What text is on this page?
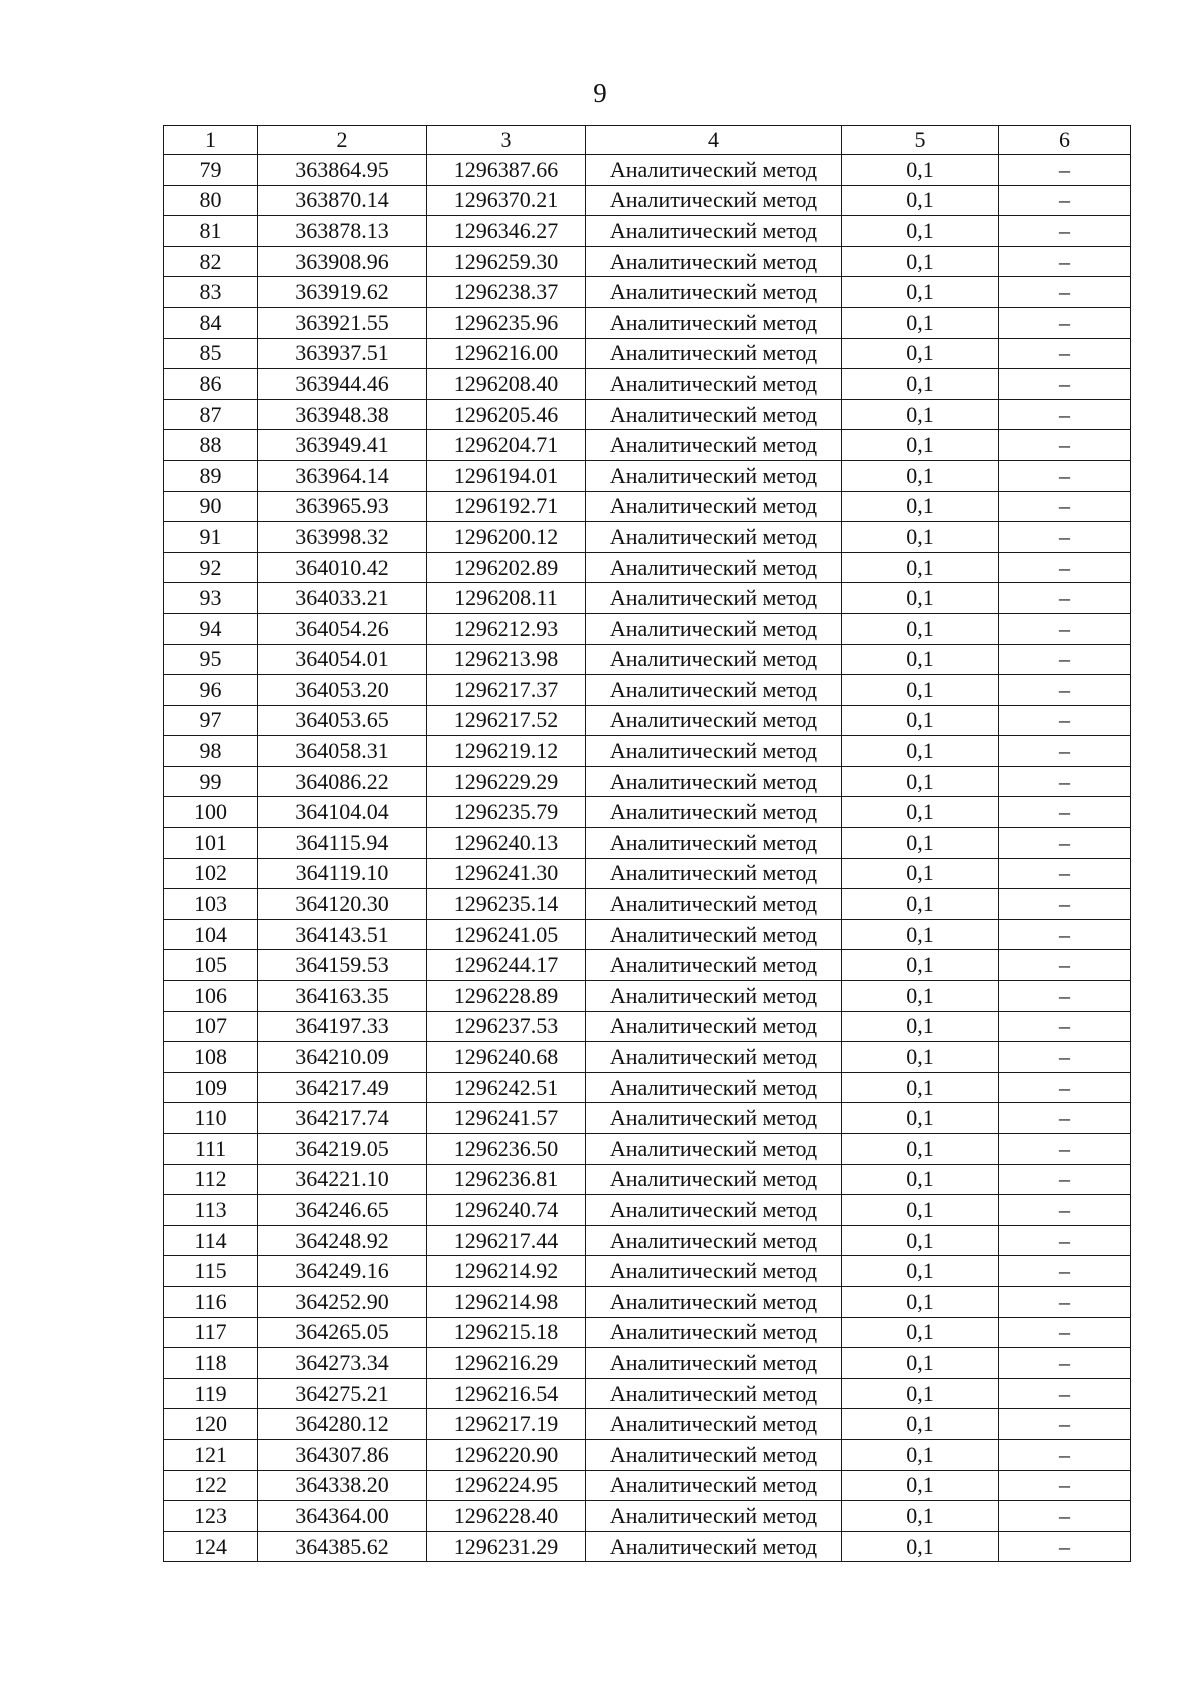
9
1	2	3	4	5	6
79	363864.95	1296387.66	Аналитический метод	0,1	–
80	363870.14	1296370.21	Аналитический метод	0,1	–
81	363878.13	1296346.27	Аналитический метод	0,1	–
82	363908.96	1296259.30	Аналитический метод	0,1	–
83	363919.62	1296238.37	Аналитический метод	0,1	–
84	363921.55	1296235.96	Аналитический метод	0,1	–
85	363937.51	1296216.00	Аналитический метод	0,1	–
86	363944.46	1296208.40	Аналитический метод	0,1	–
87	363948.38	1296205.46	Аналитический метод	0,1	–
88	363949.41	1296204.71	Аналитический метод	0,1	–
89	363964.14	1296194.01	Аналитический метод	0,1	–
90	363965.93	1296192.71	Аналитический метод	0,1	–
91	363998.32	1296200.12	Аналитический метод	0,1	–
92	364010.42	1296202.89	Аналитический метод	0,1	–
93	364033.21	1296208.11	Аналитический метод	0,1	–
94	364054.26	1296212.93	Аналитический метод	0,1	–
95	364054.01	1296213.98	Аналитический метод	0,1	–
96	364053.20	1296217.37	Аналитический метод	0,1	–
97	364053.65	1296217.52	Аналитический метод	0,1	–
98	364058.31	1296219.12	Аналитический метод	0,1	–
99	364086.22	1296229.29	Аналитический метод	0,1	–
100	364104.04	1296235.79	Аналитический метод	0,1	–
101	364115.94	1296240.13	Аналитический метод	0,1	–
102	364119.10	1296241.30	Аналитический метод	0,1	–
103	364120.30	1296235.14	Аналитический метод	0,1	–
104	364143.51	1296241.05	Аналитический метод	0,1	–
105	364159.53	1296244.17	Аналитический метод	0,1	–
106	364163.35	1296228.89	Аналитический метод	0,1	–
107	364197.33	1296237.53	Аналитический метод	0,1	–
108	364210.09	1296240.68	Аналитический метод	0,1	–
109	364217.49	1296242.51	Аналитический метод	0,1	–
110	364217.74	1296241.57	Аналитический метод	0,1	–
111	364219.05	1296236.50	Аналитический метод	0,1	–
112	364221.10	1296236.81	Аналитический метод	0,1	–
113	364246.65	1296240.74	Аналитический метод	0,1	–
114	364248.92	1296217.44	Аналитический метод	0,1	–
115	364249.16	1296214.92	Аналитический метод	0,1	–
116	364252.90	1296214.98	Аналитический метод	0,1	–
117	364265.05	1296215.18	Аналитический метод	0,1	–
118	364273.34	1296216.29	Аналитический метод	0,1	–
119	364275.21	1296216.54	Аналитический метод	0,1	–
120	364280.12	1296217.19	Аналитический метод	0,1	–
121	364307.86	1296220.90	Аналитический метод	0,1	–
122	364338.20	1296224.95	Аналитический метод	0,1	–
123	364364.00	1296228.40	Аналитический метод	0,1	–
124	364385.62	1296231.29	Аналитический метод	0,1	–
